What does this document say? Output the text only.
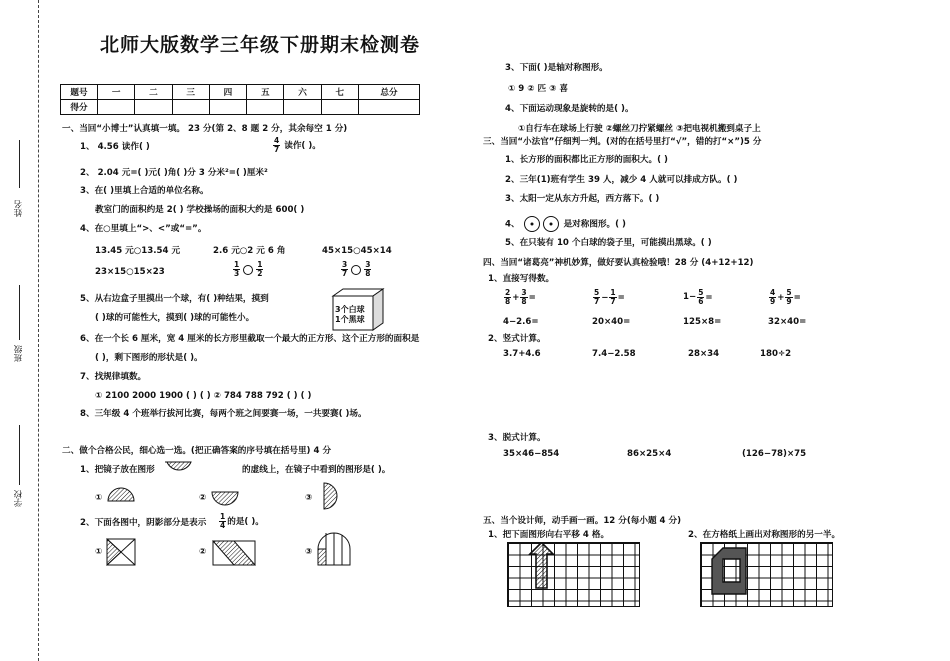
姓名
班级
学校
北师大版数学三年级下册期末检测卷
题号	一	二	三	四	五	六	七	总分
得分								
一、当回“小博士”认真填一填。 23 分(第 2、8 题 2 分，其余每空 1 分)
1、 4.56 读作( )	$\frac{4}{7}$ 读作( )。
2、 2.04 元=( )元( )角( )分 3 分米²=( )厘米²
3、在( )里填上合适的单位名称。
教室门的面积约是 2( ) 学校操场的面积大约是 600( )
4、在○里填上“>、<”或“=”。
13.45 元○13.54 元	2.6 元○2 元 6 角	45×15○45×14
23×15○15×23	$\frac{1}{3} \frac{1}{2}$	$\frac{3}{7} \frac{3}{8}$
5、从右边盒子里摸出一个球，有( )种结果，摸到
( )球的可能性大，摸到( )球的可能性小。
3个白球
1个黑球
6、在一个长 6 厘米，宽 4 厘米的长方形里截取一个最大的正方形、这个正方形的面积是
( )，剩下图形的形状是( )。
7、找规律填数。
① 2100 2000 1900 ( ) ( ) ② 784 788 792 ( ) ( )
8、三年级 4 个班举行拔河比赛，每两个班之间要赛一场，一共要赛( )场。
二、做个合格公民，细心选一选。(把正确答案的序号填在括号里) 4 分
1、把镜子放在图形	的虚线上，在镜子中看到的图形是( )。
①	②	③
2、下面各图中，阴影部分是表示 $\frac{1}{4}$ 的是( )。
①	②	③
3、下面( )是轴对称图形。
① 9 ② 匹 ③ 喜
4、下面运动现象是旋转的是( )。
①自行车在球场上行驶 ②螺丝刀拧紧螺丝 ③把电视机搬到桌子上
三、当回“小法官”仔细判一判。(对的在括号里打“√”，错的打“×”)5 分
1、长方形的面积都比正方形的面积大。( )
2、三年(1)班有学生 39 人，减少 4 人就可以排成方队。( )
3、太阳一定从东方升起，西方落下。( )
4、	是对称图形。( )
5、在只装有 10 个白球的袋子里，可能摸出黑球。( )
四、当回“诸葛亮”神机妙算，做好要认真检验哦！28 分 (4+12+12)
1、直接写得数。
$\frac{2}{8} + \frac{3}{8}$ =	$\frac{5}{7} - \frac{1}{7}$ =	$1- \frac{5}{6}$ =	$\frac{4}{9} + \frac{5}{9}$ =
4−2.6=	20×40=	125×8=	32×40=
2、竖式计算。
3.7+4.6	7.4−2.58	28×34	180÷2
3、脱式计算。
35×46−854	86×25×4	(126−78)×75
五、当个设计师，动手画一画。12 分(每小题 4 分)
1、把下面图形向右平移 4 格。	2、在方格纸上画出对称图形的另一半。
